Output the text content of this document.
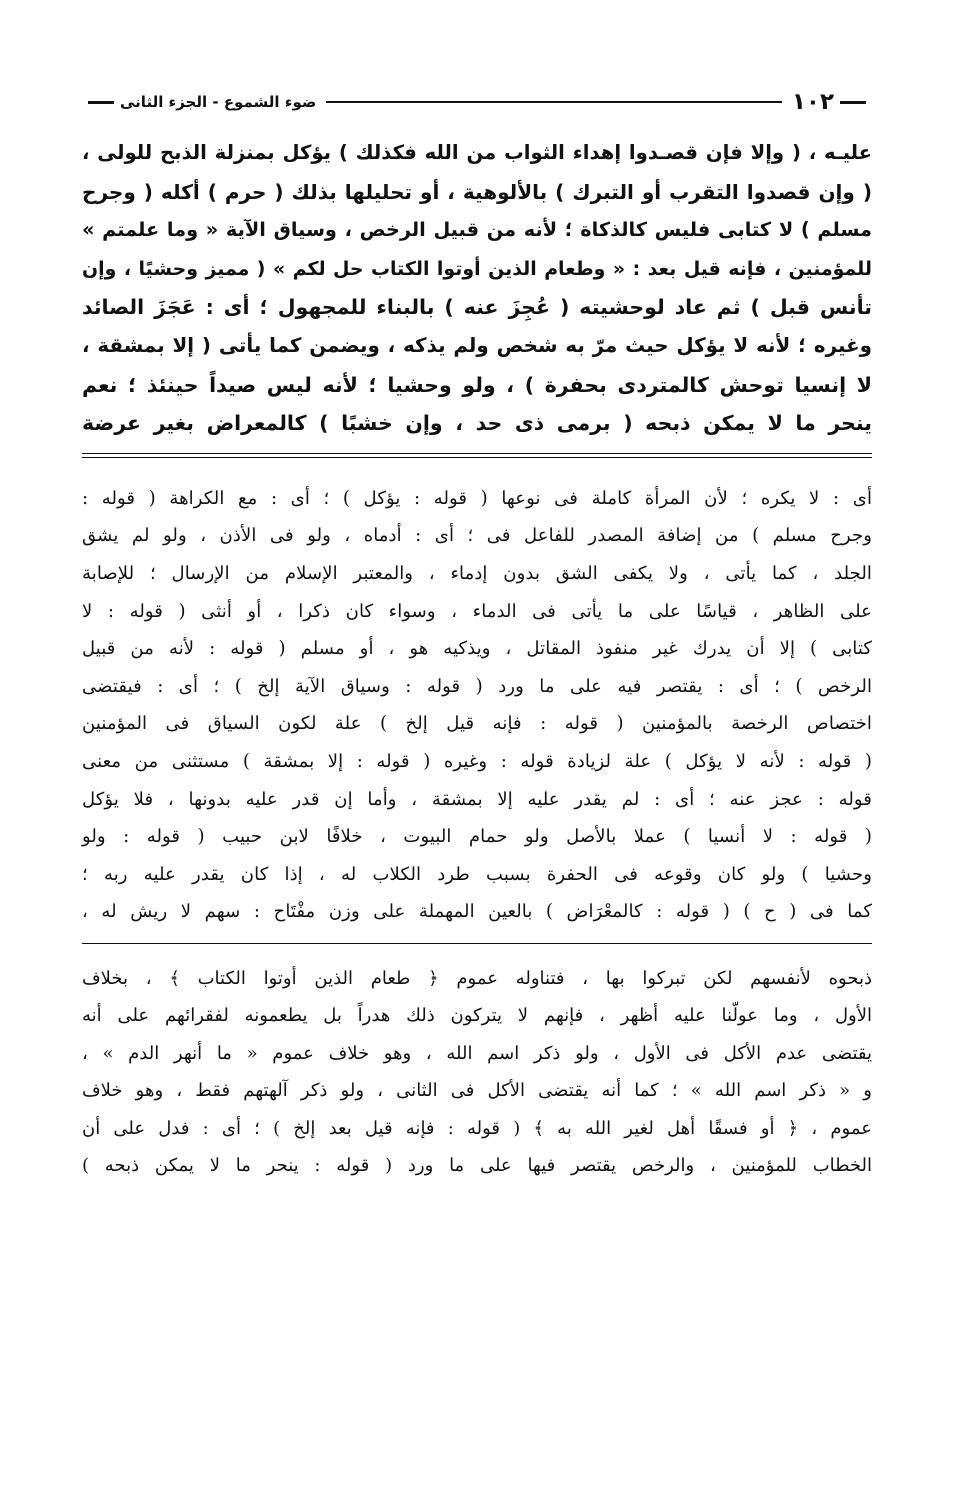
١٠٢
ضوء الشموع - الجزء الثانى
عليـه ، ( وإلا فإن قصـدوا إهداء الثواب من الله فكذلك ) يؤكل بمنزلة الذبح للولى ،
( وإن قصدوا التقرب أو التبرك ) بالألوهية ، أو تحليلها بذلك ( حرم ) أكله ( وجرح
مسلم ) لا كتابى فليس كالذكاة ؛ لأنه من قبيل الرخص ، وسياق الآية « وما علمتم »
للمؤمنين ، فإنه قيل بعد : « وطعام الذين أوتوا الكتاب حل لكم » ( مميز وحشيًا ، وإن
تأنس قبل ) ثم عاد لوحشيته ( عُجِزَ عنه ) بالبناء للمجهول ؛ أى : عَجَزَ الصائد
وغيره ؛ لأنه لا يؤكل حيث مرّ به شخص ولم يذكه ، ويضمن كما يأتى ( إلا بمشقة ،
لا إنسيا توحش كالمتردى بحفرة ) ، ولو وحشيا ؛ لأنه ليس صيداً حينئذ ؛ نعم
ينحر ما لا يمكن ذبحه ( برمى ذى حد ، وإن خشبًا ) كالمعراض بغير عرضة
أى : لا يكره ؛ لأن المرأة كاملة فى نوعها ( قوله : يؤكل ) ؛ أى : مع الكراهة ( قوله :
وجرح مسلم ) من إضافة المصدر للفاعل فى ؛ أى : أدماه ، ولو فى الأذن ، ولو لم يشق
الجلد ، كما يأتى ، ولا يكفى الشق بدون إدماء ، والمعتبر الإسلام من الإرسال ؛ للإصابة
على الظاهر ، قياسًا على ما يأتى فى الدماء ، وسواء كان ذكرا ، أو أنثى ( قوله : لا
كتابى ) إلا أن يدرك غير منفوذ المقاتل ، ويذكيه هو ، أو مسلم ( قوله : لأنه من قبيل
الرخص ) ؛ أى : يقتصر فيه على ما ورد ( قوله : وسياق الآية إلخ ) ؛ أى : فيقتضى
اختصاص الرخصة بالمؤمنين ( قوله : فإنه قيل إلخ ) علة لكون السياق فى المؤمنين
( قوله : لأنه لا يؤكل ) علة لزيادة قوله : وغيره ( قوله : إلا بمشقة ) مستثنى من معنى
قوله : عجز عنه ؛ أى : لم يقدر عليه إلا بمشقة ، وأما إن قدر عليه بدونها ، فلا يؤكل
( قوله : لا أنسيا ) عملا بالأصل ولو حمام البيوت ، خلافًا لابن حبيب ( قوله : ولو
وحشيا ) ولو كان وقوعه فى الحفرة بسبب طرد الكلاب له ، إذا كان يقدر عليه ربه ؛
كما فى ( ح ) ( قوله : كالمعْرَاض ) بالعين المهملة على وزن مفْتَاح : سهم لا ريش له ،
ذبحوه لأنفسهم لكن تبركوا بها ، فتناوله عموم ﴿ طعام الذين أوتوا الكتاب ﴾ ، بخلاف
الأول ، وما عولّنا عليه أظهر ، فإنهم لا يتركون ذلك هدراً بل يطعمونه لفقرائهم على أنه
يقتضى عدم الأكل فى الأول ، ولو ذكر اسم الله ، وهو خلاف عموم « ما أنهر الدم » ،
و « ذكر اسم الله » ؛ كما أنه يقتضى الأكل فى الثانى ، ولو ذكر آلهتهم فقط ، وهو خلاف
عموم ، ﴿ أو فسقًا أهل لغير الله به ﴾ ( قوله : فإنه قيل بعد إلخ ) ؛ أى : فدل على أن
الخطاب للمؤمنين ، والرخص يقتصر فيها على ما ورد ( قوله : ينحر ما لا يمكن ذبحه )
